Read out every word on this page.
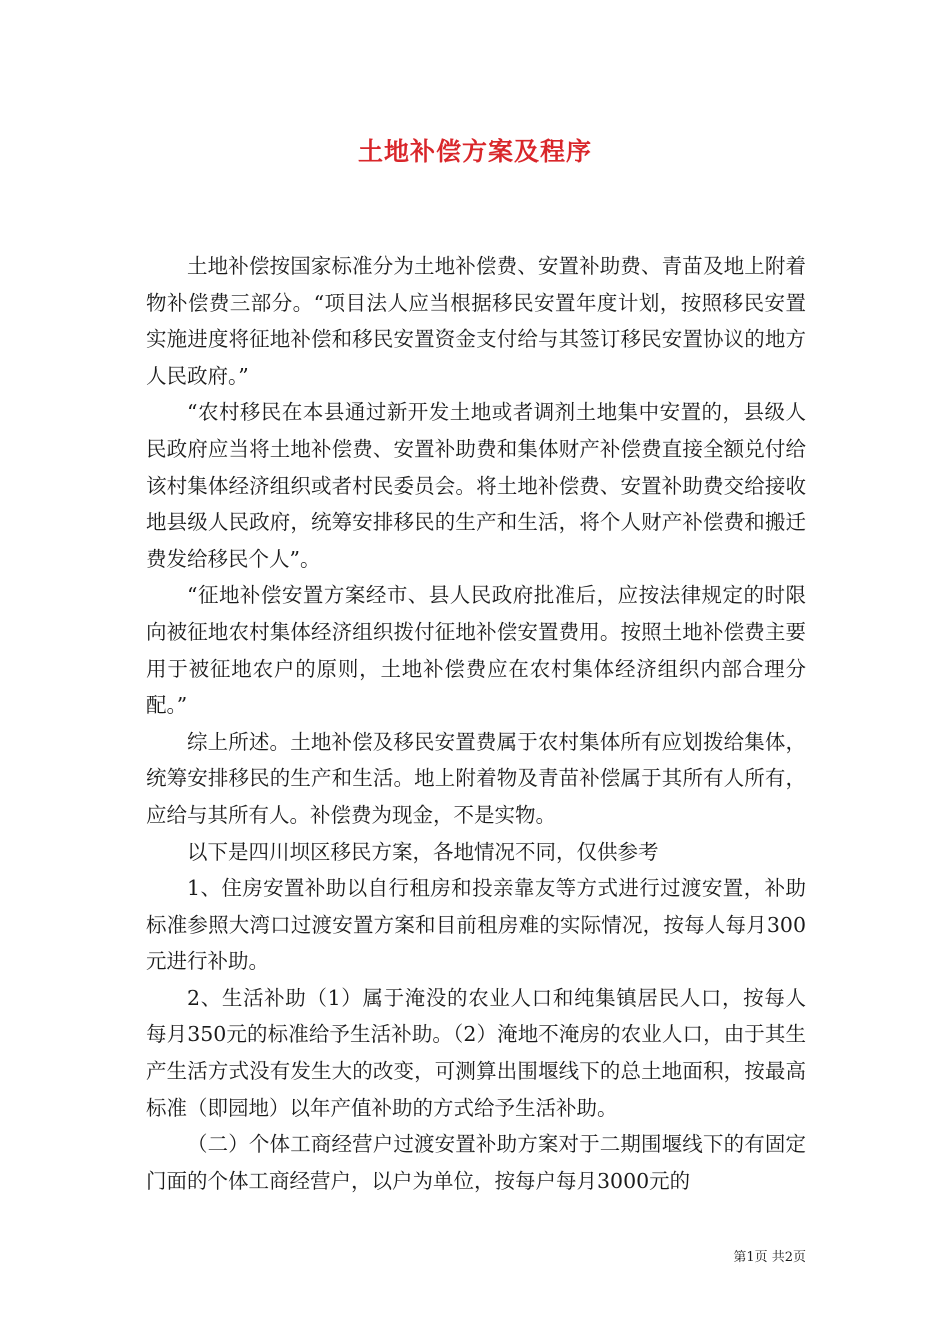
土地补偿方案及程序

土地补偿按国家标准分为土地补偿费、安置补助费、青苗及地上附着物补偿费三部分。“项目法人应当根据移民安置年度计划，按照移民安置实施进度将征地补偿和移民安置资金支付给与其签订移民安置协议的地方人民政府。”

“农村移民在本县通过新开发土地或者调剂土地集中安置的，县级人民政府应当将土地补偿费、安置补助费和集体财产补偿费直接全额兑付给该村集体经济组织或者村民委员会。将土地补偿费、安置补助费交给接收地县级人民政府，统筹安排移民的生产和生活，将个人财产补偿费和搬迁费发给移民个人”。

“征地补偿安置方案经市、县人民政府批准后，应按法律规定的时限向被征地农村集体经济组织拨付征地补偿安置费用。按照土地补偿费主要用于被征地农户的原则，土地补偿费应在农村集体经济组织内部合理分配。”

综上所述。土地补偿及移民安置费属于农村集体所有应划拨给集体，统筹安排移民的生产和生活。地上附着物及青苗补偿属于其所有人所有，应给与其所有人。补偿费为现金，不是实物。

以下是四川坝区移民方案，各地情况不同，仅供参考

1、住房安置补助以自行租房和投亲靠友等方式进行过渡安置，补助标准参照大湾口过渡安置方案和目前租房难的实际情况，按每人每月300元进行补助。

2、生活补助（1）属于淹没的农业人口和纯集镇居民人口，按每人每月350元的标准给予生活补助。（2）淹地不淹房的农业人口，由于其生产生活方式没有发生大的改变，可测算出围堰线下的总土地面积，按最高标准（即园地）以年产值补助的方式给予生活补助。

（二）个体工商经营户过渡安置补助方案对于二期围堰线下的有固定门面的个体工商经营户，以户为单位，按每户每月3000元的

第1页 共2页
